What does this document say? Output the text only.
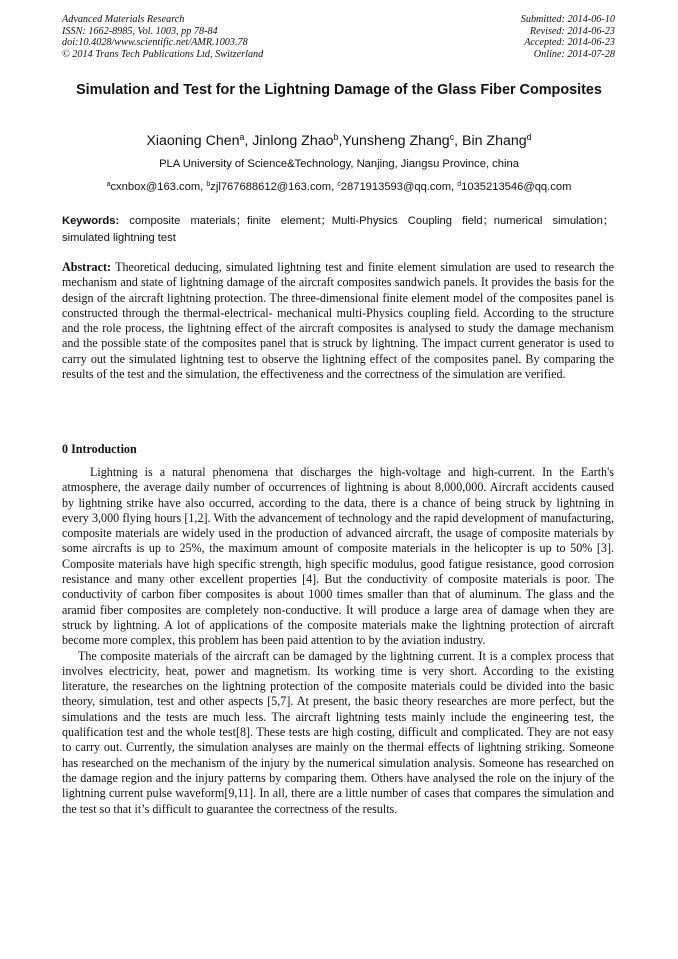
Advanced Materials Research
ISSN: 1662-8985, Vol. 1003, pp 78-84
doi:10.4028/www.scientific.net/AMR.1003.78
© 2014 Trans Tech Publications Ltd, Switzerland
Submitted: 2014-06-10
Revised: 2014-06-23
Accepted: 2014-06-23
Online: 2014-07-28
Simulation and Test for the Lightning Damage of the Glass Fiber Composites
Xiaoning Chen$^a$, Jinlong Zhao$^b$,Yunsheng Zhang$^c$, Bin Zhang$^d$
PLA University of Science&Technology, Nanjing, Jiangsu Province, china
$^a$cxnbox@163.com, $^b$zjl767688612@163.com, $^c$2871913593@qq.com, $^d$1035213546@qq.com
Keywords: composite materials；finite element；Multi-Physics Coupling field；numerical simulation；simulated lightning test
Abstract: Theoretical deducing, simulated lightning test and finite element simulation are used to research the mechanism and state of lightning damage of the aircraft composites sandwich panels. It provides the basis for the design of the aircraft lightning protection. The three-dimensional finite element model of the composites panel is constructed through the thermal-electrical- mechanical multi-Physics coupling field. According to the structure and the role process, the lightning effect of the aircraft composites is analysed to study the damage mechanism and the possible state of the composites panel that is struck by lightning. The impact current generator is used to carry out the simulated lightning test to observe the lightning effect of the composites panel. By comparing the results of the test and the simulation, the effectiveness and the correctness of the simulation are verified.
0 Introduction

Lightning is a natural phenomena that discharges the high-voltage and high-current. In the Earth's atmosphere, the average daily number of occurrences of lightning is about 8,000,000. Aircraft accidents caused by lightning strike have also occurred, according to the data, there is a chance of being struck by lightning in every 3,000 flying hours [1,2]. With the advancement of technology and the rapid development of manufacturing, composite materials are widely used in the production of advanced aircraft, the usage of composite materials by some aircrafts is up to 25%, the maximum amount of composite materials in the helicopter is up to 50% [3]. Composite materials have high specific strength, high specific modulus, good fatigue resistance, good corrosion resistance and many other excellent properties [4]. But the conductivity of composite materials is poor. The conductivity of carbon fiber composites is about 1000 times smaller than that of aluminum. The glass and the aramid fiber composites are completely non-conductive. It will produce a large area of damage when they are struck by lightning. A lot of applications of the composite materials make the lightning protection of aircraft become more complex, this problem has been paid attention to by the aviation industry.

The composite materials of the aircraft can be damaged by the lightning current. It is a complex process that involves electricity, heat, power and magnetism. Its working time is very short. According to the existing literature, the researches on the lightning protection of the composite materials could be divided into the basic theory, simulation, test and other aspects [5,7]. At present, the basic theory researches are more perfect, but the simulations and the tests are much less. The aircraft lightning tests mainly include the engineering test, the qualification test and the whole test[8]. These tests are high costing, difficult and complicated. They are not easy to carry out. Currently, the simulation analyses are mainly on the thermal effects of lightning striking. Someone has researched on the mechanism of the injury by the numerical simulation analysis. Someone has researched on the damage region and the injury patterns by comparing them. Others have analysed the role on the injury of the lightning current pulse waveform[9,11]. In all, there are a little number of cases that compares the simulation and the test so that it’s difficult to guarantee the correctness of the results.
